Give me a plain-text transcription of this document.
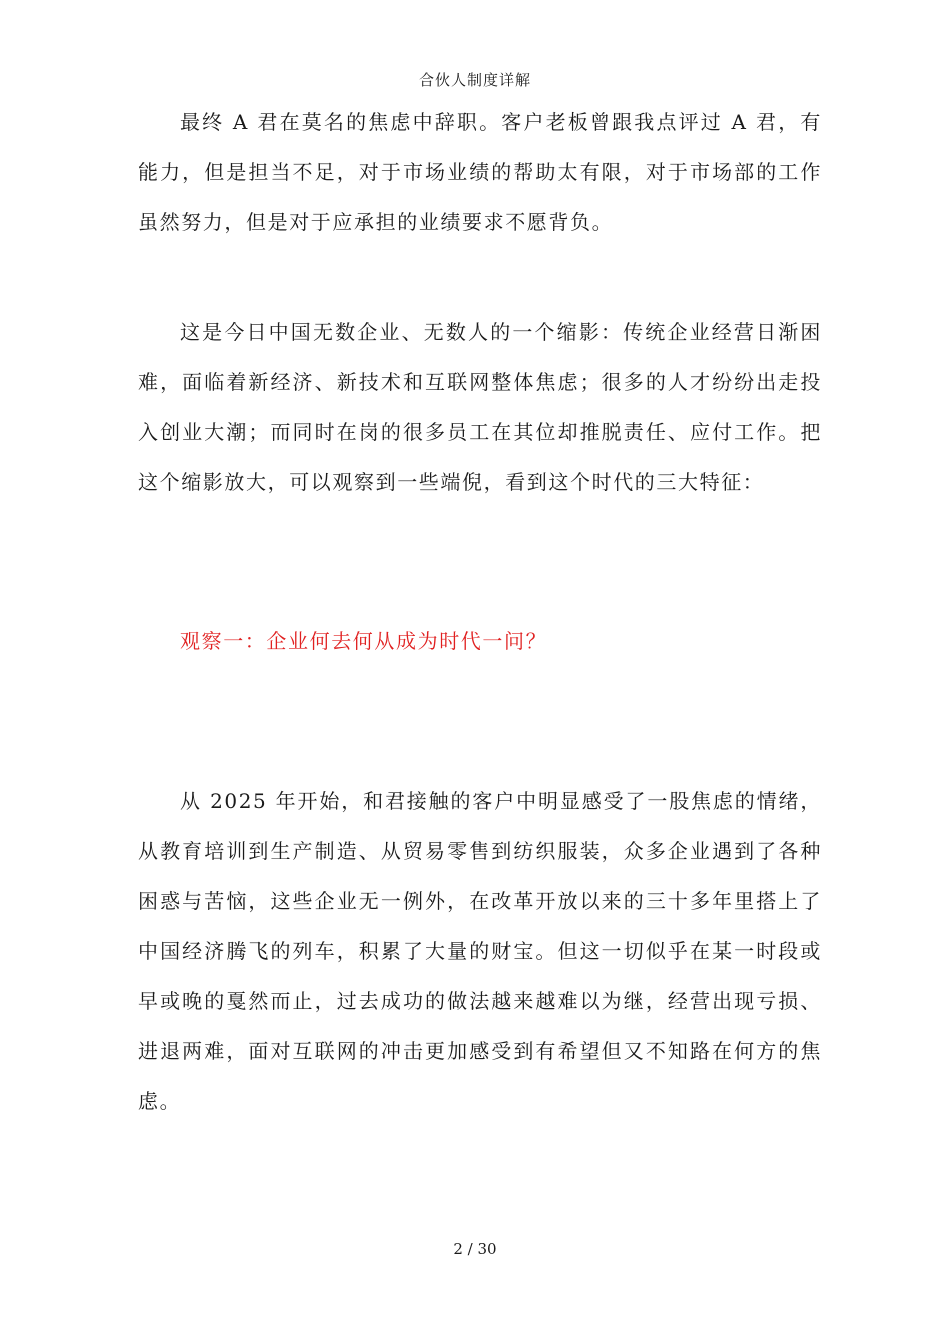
合伙人制度详解

最终 A 君在莫名的焦虑中辞职。客户老板曾跟我点评过 A 君，有能力，但是担当不足，对于市场业绩的帮助太有限，对于市场部的工作虽然努力，但是对于应承担的业绩要求不愿背负。

这是今日中国无数企业、无数人的一个缩影：传统企业经营日渐困难，面临着新经济、新技术和互联网整体焦虑；很多的人才纷纷出走投入创业大潮；而同时在岗的很多员工在其位却推脱责任、应付工作。把这个缩影放大，可以观察到一些端倪，看到这个时代的三大特征：

观察一：企业何去何从成为时代一问？

从 2025 年开始，和君接触的客户中明显感受了一股焦虑的情绪，从教育培训到生产制造、从贸易零售到纺织服装，众多企业遇到了各种困惑与苦恼，这些企业无一例外，在改革开放以来的三十多年里搭上了中国经济腾飞的列车，积累了大量的财宝。但这一切似乎在某一时段或早或晚的戛然而止，过去成功的做法越来越难以为继，经营出现亏损、进退两难，面对互联网的冲击更加感受到有希望但又不知路在何方的焦虑。

2 / 30
